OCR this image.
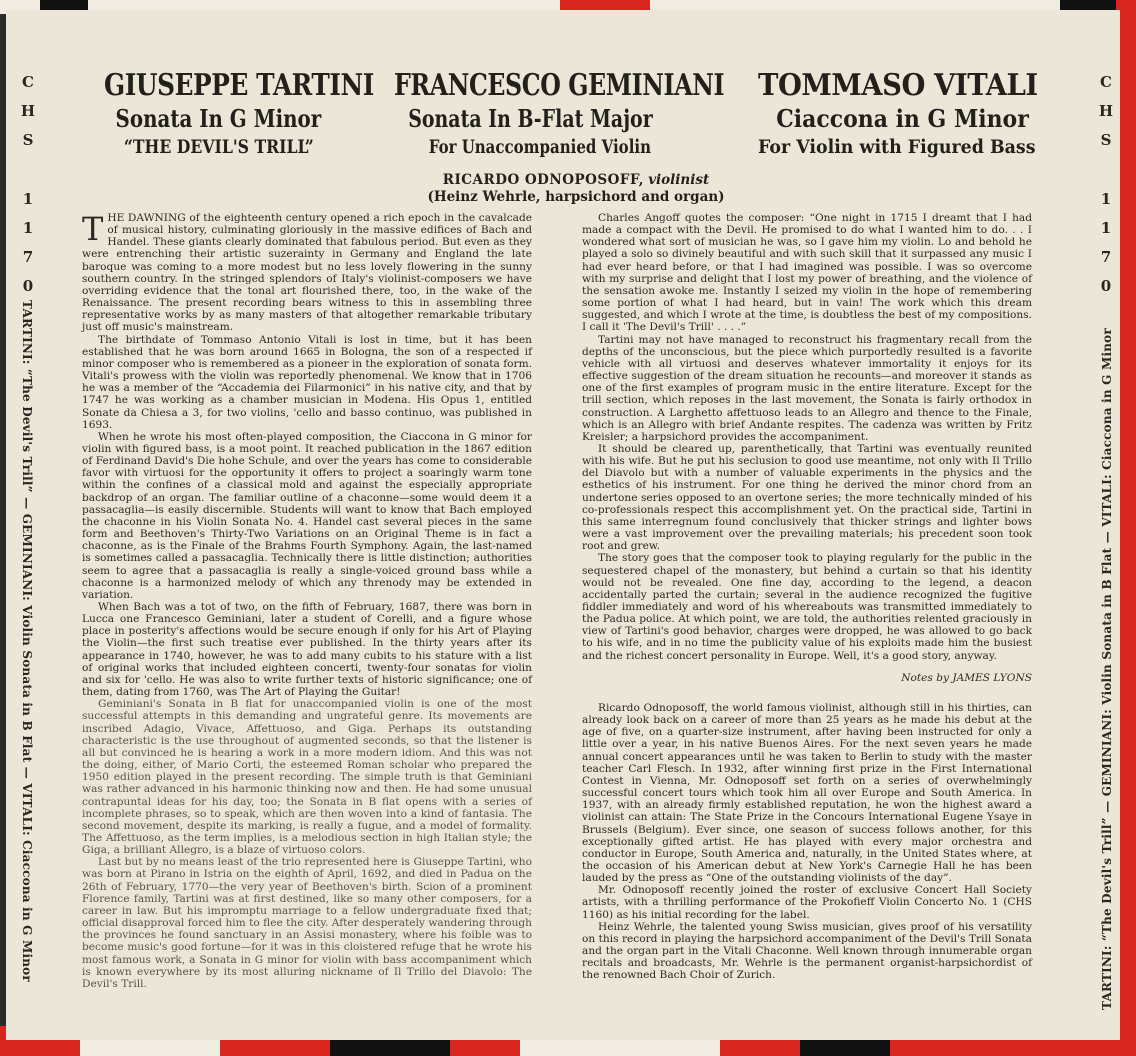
C
H
S
1
1
7
0
TARTINI: “The Devil's Trill” — GEMINIANI: Violin Sonata in B Flat — VITALI: Ciaccona in G Minor
C
H
S
1
1
7
0
TARTINI: “The Devil's Trill” — GEMINIANI: Violin Sonata in B Flat — VITALI: Ciaccona in G Minor
GIUSEPPE TARTINI
Sonata In G Minor
“THE DEVIL'S TRILL”
FRANCESCO GEMINIANI
Sonata In B-Flat Major
For Unaccompanied Violin
TOMMASO VITALI
Ciaccona in G Minor
For Violin with Figured Bass
RICARDO ODNOPOSOFF, violinist
(Heinz Wehrle, harpsichord and organ)

THE DAWNING of the eighteenth century opened a rich epoch in the cavalcade of musical history, culminating gloriously in the massive edifices of Bach and Handel. These giants clearly dominated that fabulous period. But even as they were entrenching their artistic suzerainty in Germany and England the late baroque was coming to a more modest but no less lovely flowering in the sunny southern country. In the stringed splendors of Italy's violinist-composers we have overriding evidence that the tonal art flourished there, too, in the wake of the Renaissance. The present recording bears witness to this in assembling three representative works by as many masters of that altogether remarkable tributary just off music's mainstream.

The birthdate of Tommaso Antonio Vitali is lost in time, but it has been established that he was born around 1665 in Bologna, the son of a respected if minor composer who is remembered as a pioneer in the exploration of sonata form. Vitali's prowess with the violin was reportedly phenomenal. We know that in 1706 he was a member of the “Accademia dei Filarmonici” in his native city, and that by 1747 he was working as a chamber musician in Modena. His Opus 1, entitled Sonate da Chiesa a 3, for two violins, 'cello and basso continuo, was published in 1693.

When he wrote his most often-played composition, the Ciaccona in G minor for violin with figured bass, is a moot point. It reached publication in the 1867 edition of Ferdinand David's Die hohe Schule, and over the years has come to considerable favor with virtuosi for the opportunity it offers to project a soaringly warm tone within the confines of a classical mold and against the especially appropriate backdrop of an organ. The familiar outline of a chaconne—some would deem it a passacaglia—is easily discernible. Students will want to know that Bach employed the chaconne in his Violin Sonata No. 4. Handel cast several pieces in the same form and Beethoven's Thirty-Two Variations on an Original Theme is in fact a chaconne, as is the Finale of the Brahms Fourth Symphony. Again, the last-named is sometimes called a passacaglia. Technically there is little distinction; authorities seem to agree that a passacaglia is really a single-voiced ground bass while a chaconne is a harmonized melody of which any threnody may be extended in variation.

When Bach was a tot of two, on the fifth of February, 1687, there was born in Lucca one Francesco Geminiani, later a student of Corelli, and a figure whose place in posterity's affections would be secure enough if only for his Art of Playing the Violin—the first such treatise ever published. In the thirty years after its appearance in 1740, however, he was to add many cubits to his stature with a list of original works that included eighteen concerti, twenty-four sonatas for violin and six for 'cello. He was also to write further texts of historic significance; one of them, dating from 1760, was The Art of Playing the Guitar!

Geminiani's Sonata in B flat for unaccompanied violin is one of the most successful attempts in this demanding and ungrateful genre. Its movements are inscribed Adagio, Vivace, Affettuoso, and Giga. Perhaps its outstanding characteristic is the use throughout of augmented seconds, so that the listener is all but convinced he is hearing a work in a more modern idiom. And this was not the doing, either, of Mario Corti, the esteemed Roman scholar who prepared the 1950 edition played in the present recording. The simple truth is that Geminiani was rather advanced in his harmonic thinking now and then. He had some unusual contrapuntal ideas for his day, too; the Sonata in B flat opens with a series of incomplete phrases, so to speak, which are then woven into a kind of fantasia. The second movement, despite its marking, is really a fugue, and a model of formality. The Affettuoso, as the term implies, is a melodious section in high Italian style; the Giga, a brilliant Allegro, is a blaze of virtuoso colors.

Last but by no means least of the trio represented here is Giuseppe Tartini, who was born at Pirano in Istria on the eighth of April, 1692, and died in Padua on the 26th of February, 1770—the very year of Beethoven's birth. Scion of a prominent Florence family, Tartini was at first destined, like so many other composers, for a career in law. But his impromptu marriage to a fellow undergraduate fixed that; official disapproval forced him to flee the city. After desperately wandering through the provinces he found sanctuary in an Assisi monastery, where his foible was to become music's good fortune—for it was in this cloistered refuge that he wrote his most famous work, a Sonata in G minor for violin with bass accompaniment which is known everywhere by its most alluring nickname of Il Trillo del Diavolo: The Devil's Trill.

Charles Angoff quotes the composer: “One night in 1715 I dreamt that I had made a compact with the Devil. He promised to do what I wanted him to do. . . I wondered what sort of musician he was, so I gave him my violin. Lo and behold he played a solo so divinely beautiful and with such skill that it surpassed any music I had ever heard before, or that I had imagined was possible. I was so overcome with my surprise and delight that I lost my power of breathing, and the violence of the sensation awoke me. Instantly I seized my violin in the hope of remembering some portion of what I had heard, but in vain! The work which this dream suggested, and which I wrote at the time, is doubtless the best of my compositions. I call it 'The Devil's Trill' . . . .”

Tartini may not have managed to reconstruct his fragmentary recall from the depths of the unconscious, but the piece which purportedly resulted is a favorite vehicle with all virtuosi and deserves whatever immortality it enjoys for its effective suggestion of the dream situation he recounts—and moreover it stands as one of the first examples of program music in the entire literature. Except for the trill section, which reposes in the last movement, the Sonata is fairly orthodox in construction. A Larghetto affettuoso leads to an Allegro and thence to the Finale, which is an Allegro with brief Andante respites. The cadenza was written by Fritz Kreisler; a harpsichord provides the accompaniment.

It should be cleared up, parenthetically, that Tartini was eventually reunited with his wife. But he put his seclusion to good use meantime, not only with Il Trillo del Diavolo but with a number of valuable experiments in the physics and the esthetics of his instrument. For one thing he derived the minor chord from an undertone series opposed to an overtone series; the more technically minded of his co-professionals respect this accomplishment yet. On the practical side, Tartini in this same interregnum found conclusively that thicker strings and lighter bows were a vast improvement over the prevailing materials; his precedent soon took root and grew.

The story goes that the composer took to playing regularly for the public in the sequestered chapel of the monastery, but behind a curtain so that his identity would not be revealed. One fine day, according to the legend, a deacon accidentally parted the curtain; several in the audience recognized the fugitive fiddler immediately and word of his whereabouts was transmitted immediately to the Padua police. At which point, we are told, the authorities relented graciously in view of Tartini's good behavior, charges were dropped, he was allowed to go back to his wife, and in no time the publicity value of his exploits made him the busiest and the richest concert personality in Europe. Well, it's a good story, anyway.

Notes by JAMES LYONS

Ricardo Odnoposoff, the world famous violinist, although still in his thirties, can already look back on a career of more than 25 years as he made his debut at the age of five, on a quarter-size instrument, after having been instructed for only a little over a year, in his native Buenos Aires. For the next seven years he made annual concert appearances until he was taken to Berlin to study with the master teacher Carl Flesch. In 1932, after winning first prize in the First International Contest in Vienna, Mr. Odnoposoff set forth on a series of overwhelmingly successful concert tours which took him all over Europe and South America. In 1937, with an already firmly established reputation, he won the highest award a violinist can attain: The State Prize in the Concours International Eugene Ysaye in Brussels (Belgium). Ever since, one season of success follows another, for this exceptionally gifted artist. He has played with every major orchestra and conductor in Europe, South America and, naturally, in the United States where, at the occasion of his American debut at New York's Carnegie Hall he has been lauded by the press as “One of the outstanding violinists of the day”.

Mr. Odnoposoff recently joined the roster of exclusive Concert Hall Society artists, with a thrilling performance of the Prokofieff Violin Concerto No. 1 (CHS 1160) as his initial recording for the label.

Heinz Wehrle, the talented young Swiss musician, gives proof of his versatility on this record in playing the harpsichord accompaniment of the Devil's Trill Sonata and the organ part in the Vitali Chaconne. Well known through innumerable organ recitals and broadcasts, Mr. Wehrle is the permanent organist-harpsichordist of the renowned Bach Choir of Zurich.
